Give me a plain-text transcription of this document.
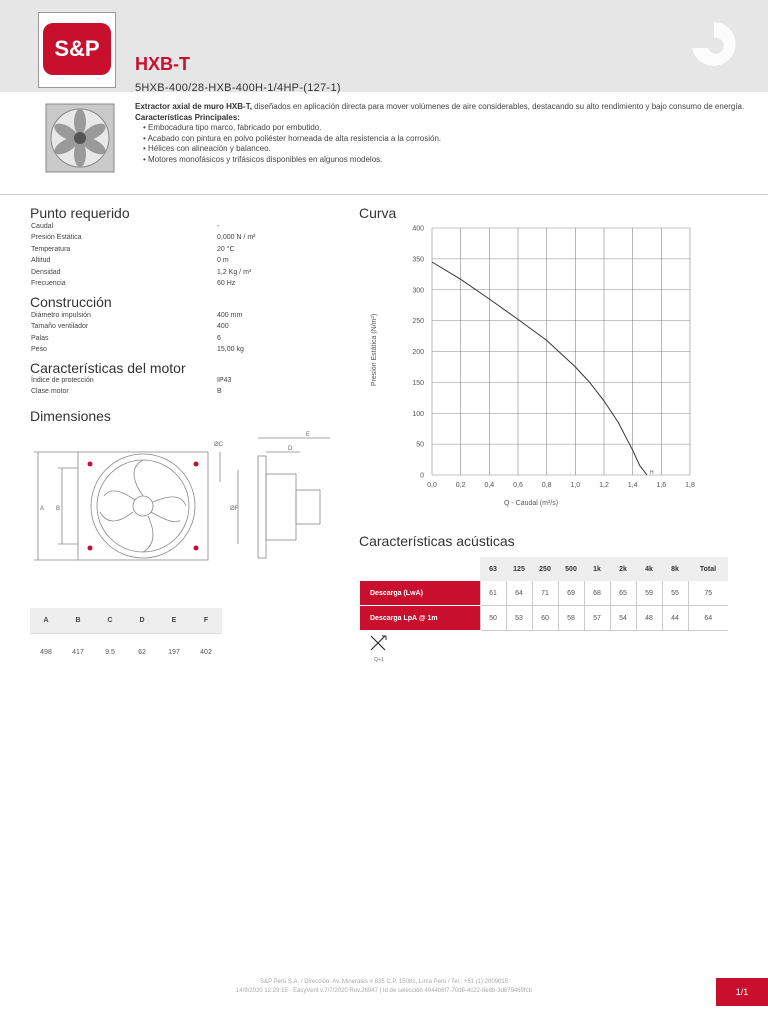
S&P
HXB-T
5HXB-400/28-HXB-400H-1/4HP-(127-1)
Extractor axial de muro HXB-T, diseñados en aplicación directa para mover volúmenes de aire considerables, destacando su alto rendimiento y bajo consumo de energía.
Características Principales:
• Embocadura tipo marco, fabricado por embutido.
• Acabado con pintura en polvo poliéster horneada de alta resistencia a la corrosión.
• Hélices con alineación y balanceo.
• Motores monofásicos y trifásicos disponibles en algunos modelos.
Punto requerido
Caudal	-
Presión Estática	0,000 N / m²
Temperatura	20 °C
Altitud	0 m
Densidad	1,2 Kg / m³
Frecuencia	60 Hz
Construcción
Diámetro impulsión	400 mm
Tamaño ventilador	400
Palas	6
Peso	15,00 kg
Características del motor
Índice de protección	IP43
Clase motor	B
Dimensiones
A B
ØC
D
E
ØF
A	B	C	D	E	F
498	417	9.5	62	197	402
Curva
0,0	0,2	0,4	0,6	0,8	1,0	1,2	1,4	1,6	1,8
0
50
100
150
200
250
300
350
400
H
Q - Caudal (m³/s)
Presión Estática (N/m²)
Características acústicas
	63	125	250	500	1k	2k	4k	8k	Total
Descarga (LwA)	61	64	71	69	68	65	59	55	75
Descarga LpA @ 1m	50	53	60	58	57	54	48	44	64
Q+1
S&P Perú S.A. / Dirección: Av. Minerales # 835 C.P. 15081, Lima Perú / Tel.: +51 (1) 2009015
14/9/2020 12:29:15 - EasyVent v.7/7/2020 Rev.26947 | Id de selección 4044b6f7-70d8-4c22-8e8b-3d879469fcb	1/1
